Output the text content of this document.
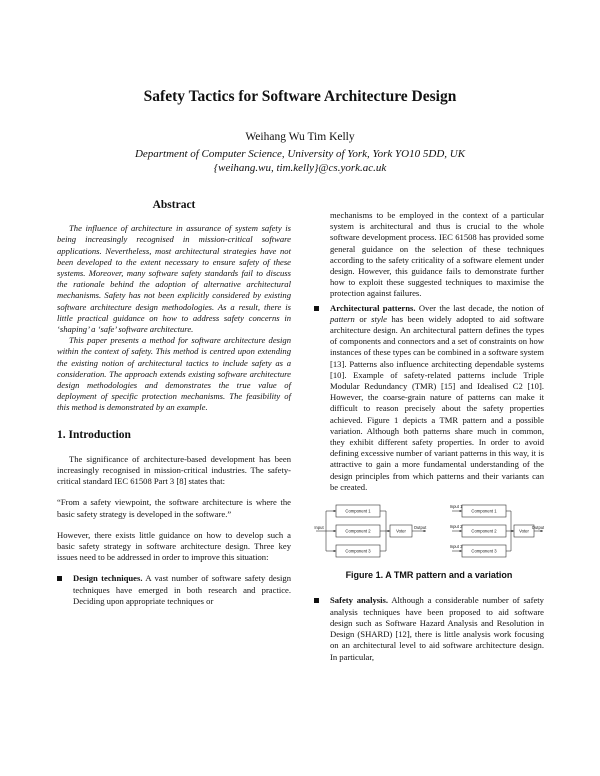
Safety Tactics for Software Architecture Design
Weihang Wu Tim Kelly
Department of Computer Science, University of York, York YO10 5DD, UK
{weihang.wu, tim.kelly}@cs.york.ac.uk
Abstract

The influence of architecture in assurance of system safety is being increasingly recognised in mission-critical software applications. Nevertheless, most architectural strategies have not been developed to the extent necessary to ensure safety of these systems. Moreover, many software safety standards fail to discuss the rationale behind the adoption of alternative architectural mechanisms. Safety has not been explicitly considered by existing software architecture design methodologies. As a result, there is little practical guidance on how to address safety concerns in ‘shaping’ a ‘safe’ software architecture.

This paper presents a method for software architecture design within the context of safety. This method is centred upon extending the existing notion of architectural tactics to include safety as a consideration. The approach extends existing software architecture design methodologies and demonstrates the true value of deployment of specific protection mechanisms. The feasibility of this method is demonstrated by an example.

1. Introduction

The significance of architecture-based development has been increasingly recognised in mission-critical industries. The safety-critical standard IEC 61508 Part 3 [8] states that:

“From a safety viewpoint, the software architecture is where the basic safety strategy is developed in the software.”

However, there exists little guidance on how to develop such a basic safety strategy in software architecture design. Three key issues need to be addressed in order to improve this situation:

Design techniques. A vast number of software safety design techniques have emerged in both research and practice. Deciding upon appropriate techniques or

mechanisms to be employed in the context of a particular system is architectural and thus is crucial to the whole software development process. IEC 61508 has provided some general guidance on the selection of these techniques according to the safety criticality of a software element under design. However, this guidance fails to demonstrate further how to exploit these suggested techniques to maximise the protection against failures.

Architectural patterns. Over the last decade, the notion of pattern or style has been widely adopted to aid software architecture design. An architectural pattern defines the types of components and connectors and a set of constraints on how instances of these types can be combined in a software system [13]. Patterns also influence architecting dependable systems [10]. Example of safety-related patterns include Triple Modular Redundancy (TMR) [15] and Idealised C2 [10]. However, the coarse-grain nature of patterns can make it difficult to reason precisely about the safety properties achieved. Figure 1 depicts a TMR pattern and a possible variation. Although both patterns share much in common, they exhibit different safety properties. In order to avoid defining excessive number of variant patterns in this way, it is attractive to gain a more fundamental understanding of the design principles from which patterns and their variants can be created.
Component 1
Component 2
Component 3
Voter
Input	Output
Component 1
Component 2
Component 3
Voter
Input 1
Input 2
Input 3
Output
Figure 1. A TMR pattern and a variation
Safety analysis. Although a considerable number of safety analysis techniques have been proposed to aid software design such as Software Hazard Analysis and Resolution in Design (SHARD) [12], there is little analysis work focusing on an architectural level to aid software architecture design. In particular,
